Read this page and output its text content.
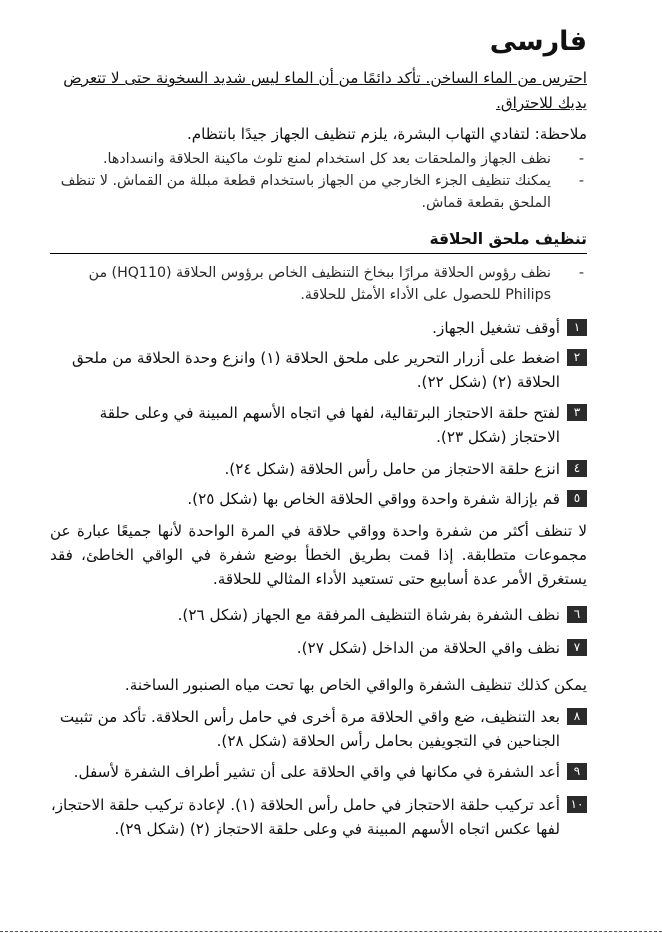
فارسى
احترس من الماء الساخن. تأكد دائمًا من أن الماء ليس شديد السخونة حتى لا تتعرض يديك للاحتراق.
ملاحظة: لتفادي التهاب البشرة، يلزم تنظيف الجهاز جيدًا بانتظام.
-
نظف الجهاز والملحقات بعد كل استخدام لمنع تلوث ماكينة الحلاقة وانسدادها.
-
يمكنك تنظيف الجزء الخارجي من الجهاز باستخدام قطعة مبللة من القماش. لا تنظف الملحق بقطعة قماش.
تنظيف ملحق الحلاقة
-
نظف رؤوس الحلاقة مرارًا ببخاخ التنظيف الخاص برؤوس الحلاقة (HQ110) من Philips للحصول على الأداء الأمثل للحلاقة.
١
أوقف تشغيل الجهاز.
٢
اضغط على أزرار التحرير على ملحق الحلاقة (١) وانزع وحدة الحلاقة من ملحق الحلاقة (٢) (شكل ٢٢).
٣
لفتح حلقة الاحتجاز البرتقالية، لفها في اتجاه الأسهم المبينة في وعلى حلقة الاحتجاز (شكل ٢٣).
٤
انزع حلقة الاحتجاز من حامل رأس الحلاقة (شكل ٢٤).
٥
قم بإزالة شفرة واحدة وواقي الحلاقة الخاص بها (شكل ٢٥).
لا تنظف أكثر من شفرة واحدة وواقي حلاقة في المرة الواحدة لأنها جميعًا عبارة عن مجموعات متطابقة. إذا قمت بطريق الخطأ بوضع شفرة في الواقي الخاطئ، فقد يستغرق الأمر عدة أسابيع حتى تستعيد الأداء المثالي للحلاقة.
٦
نظف الشفرة بفرشاة التنظيف المرفقة مع الجهاز (شكل ٢٦).
٧
نظف واقي الحلاقة من الداخل (شكل ٢٧).
يمكن كذلك تنظيف الشفرة والواقي الخاص بها تحت مياه الصنبور الساخنة.
٨
بعد التنظيف، ضع واقي الحلاقة مرة أخرى في حامل رأس الحلاقة. تأكد من تثبيت الجناحين في التجويفين بحامل رأس الحلاقة (شكل ٢٨).
٩
أعد الشفرة في مكانها في واقي الحلاقة على أن تشير أطراف الشفرة لأسفل.
١٠
أعد تركيب حلقة الاحتجاز في حامل رأس الحلاقة (١). لإعادة تركيب حلقة الاحتجاز، لفها عكس اتجاه الأسهم المبينة في وعلى حلقة الاحتجاز (٢) (شكل ٢٩).
